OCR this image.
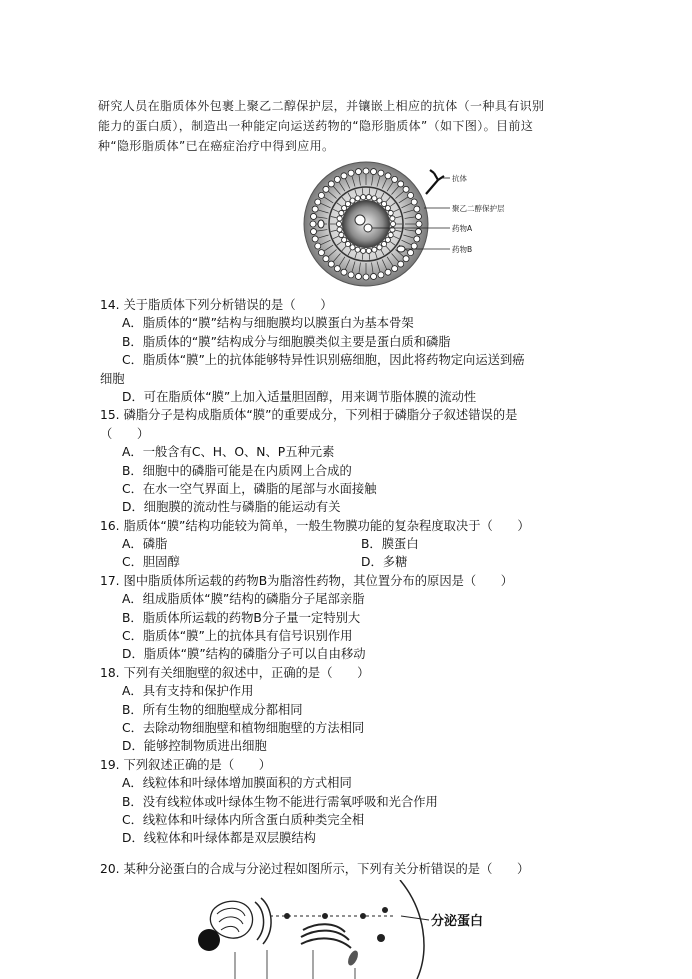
研究人员在脂质体外包裹上聚乙二醇保护层，并镶嵌上相应的抗体（一种具有识别

能力的蛋白质），制造出一种能定向运送药物的“隐形脂质体”（如下图）。目前这

种“隐形脂质体”已在癌症治疗中得到应用。

抗体
聚乙二醇保护层
药物A
药物B
14. 关于脂质体下列分析错误的是（　　）
A．脂质体的“膜”结构与细胞膜均以膜蛋白为基本骨架
B．脂质体的“膜”结构成分与细胞膜类似主要是蛋白质和磷脂
C．脂质体“膜”上的抗体能够特异性识别癌细胞，因此将药物定向运送到癌
细胞
D．可在脂质体“膜”上加入适量胆固醇，用来调节脂体膜的流动性
15. 磷脂分子是构成脂质体“膜”的重要成分，下列相于磷脂分子叙述错误的是
（　　）
A．一般含有C、H、O、N、P五种元素
B．细胞中的磷脂可能是在内质网上合成的
C．在水一空气界面上，磷脂的尾部与水面接触
D．细胞膜的流动性与磷脂的能运动有关
16. 脂质体“膜”结构功能较为简单，一般生物膜功能的复杂程度取决于（　　）
A．磷脂	B．膜蛋白
C．胆固醇	D．多糖
17. 图中脂质体所运载的药物B为脂溶性药物，其位置分布的原因是（　　）
A．组成脂质体“膜”结构的磷脂分子尾部亲脂
B．脂质体所运载的药物B分子量一定特别大
C．脂质体“膜”上的抗体具有信号识别作用
D．脂质体“膜”结构的磷脂分子可以自由移动
18. 下列有关细胞壁的叙述中，正确的是（　　）
A．具有支持和保护作用
B．所有生物的细胞壁成分都相同
C．去除动物细胞壁和植物细胞壁的方法相同
D．能够控制物质进出细胞
19. 下列叙述正确的是（　　）
A．线粒体和叶绿体增加膜面积的方式相同
B．没有线粒体或叶绿体生物不能进行需氧呼吸和光合作用
C．线粒体和叶绿体内所含蛋白质种类完全相
D．线粒体和叶绿体都是双层膜结构
20. 某种分泌蛋白的合成与分泌过程如图所示，下列有关分析错误的是（　　）
分泌蛋白
